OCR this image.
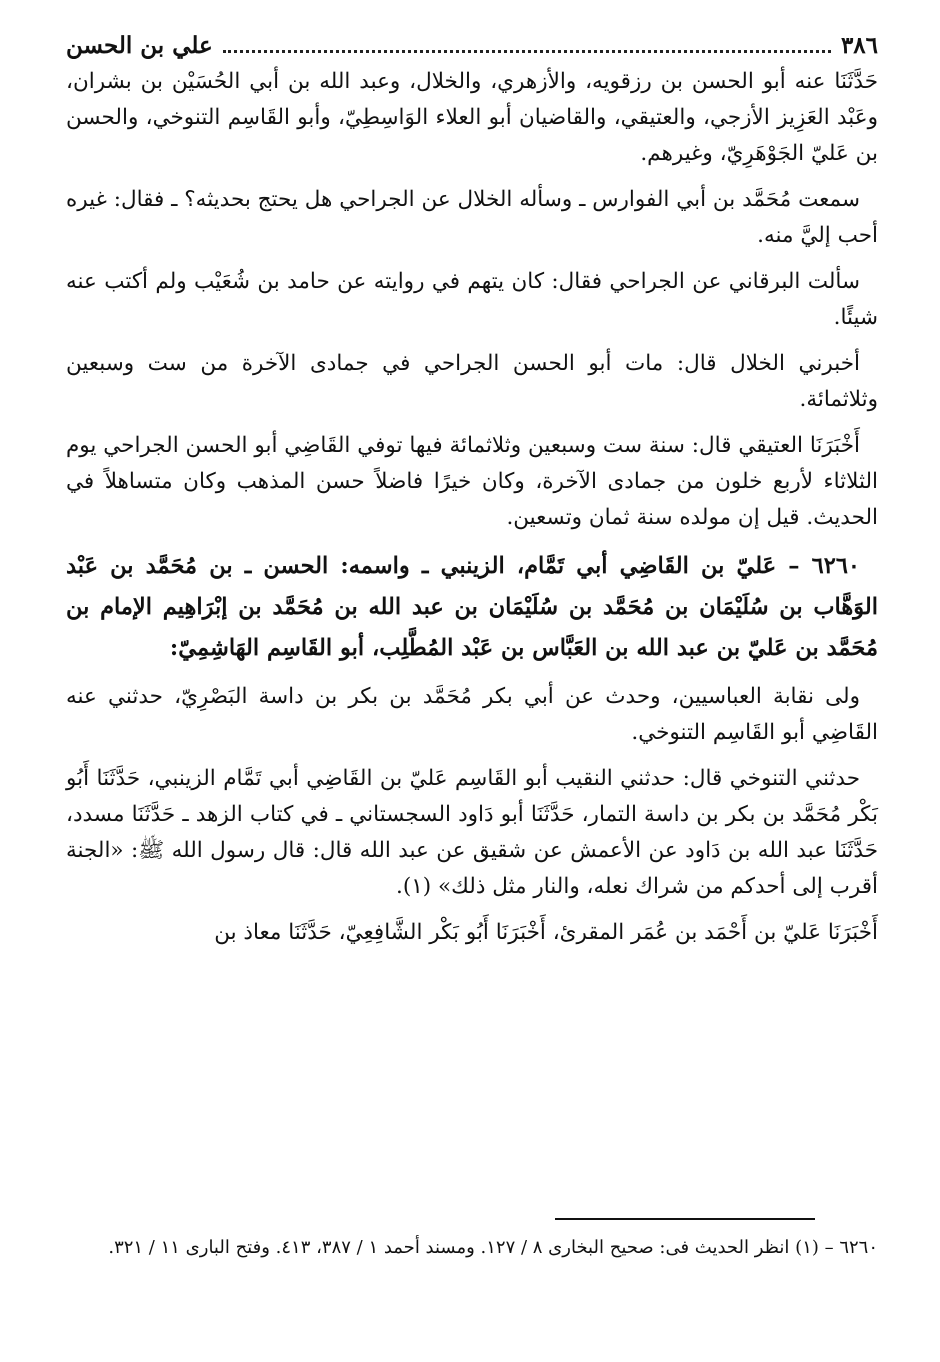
٣٨٦
علي بن الحسن

حَدَّثَنَا عنه أبو الحسن بن رزقويه، والأزهري، والخلال، وعبد الله بن أبي الحُسَيْن بن بشران، وعَبْد العَزِيز الأزجي، والعتيقي، والقاضيان أبو العلاء الوَاسِطِيّ، وأبو القَاسِم التنوخي، والحسن بن عَليّ الجَوْهَرِيّ، وغيرهم.

سمعت مُحَمَّد بن أبي الفوارس ـ وسأله الخلال عن الجراحي هل يحتج بحديثه؟ ـ فقال: غيره أحب إليَّ منه.

سألت البرقاني عن الجراحي فقال: كان يتهم في روايته عن حامد بن شُعَيْب ولم أكتب عنه شيئًا.

أخبرني الخلال قال: مات أبو الحسن الجراحي في جمادى الآخرة من ست وسبعين وثلاثمائة.

أَخْبَرَنَا العتيقي قال: سنة ست وسبعين وثلاثمائة فيها توفي القَاضِي أبو الحسن الجراحي يوم الثلاثاء لأربع خلون من جمادى الآخرة، وكان خيرًا فاضلاً حسن المذهب وكان متساهلاً في الحديث. قيل إن مولده سنة ثمان وتسعين.

٦٢٦٠ – عَليّ بن القَاضِي أبي تَمَّام، الزينبي ـ واسمه: الحسن ـ بن مُحَمَّد بن عَبْد الوَهَّاب بن سُلَيْمَان بن مُحَمَّد بن سُلَيْمَان بن عبد الله بن مُحَمَّد بن إبْرَاهِيم الإمام بن مُحَمَّد بن عَليّ بن عبد الله بن العَبَّاس بن عَبْد المُطَّلِب، أبو القَاسِم الهَاشِمِيّ:

ولى نقابة العباسيين، وحدث عن أبي بكر مُحَمَّد بن بكر بن داسة البَصْرِيّ، حدثني عنه القَاضِي أبو القَاسِم التنوخي.

حدثني التنوخي قال: حدثني النقيب أبو القَاسِم عَليّ بن القَاضِي أبي تَمَّام الزينبي، حَدَّثَنَا أَبُو بَكْر مُحَمَّد بن بكر بن داسة التمار، حَدَّثَنَا أبو دَاود السجستاني ـ في كتاب الزهد ـ حَدَّثَنَا مسدد، حَدَّثَنَا عبد الله بن دَاود عن الأعمش عن شقيق عن عبد الله قال: قال رسول الله ﷺ: «الجنة أقرب إلى أحدكم من شراك نعله، والنار مثل ذلك» (١).

أَخْبَرَنَا عَليّ بن أَحْمَد بن عُمَر المقرئ، أَخْبَرَنَا أَبُو بَكْر الشَّافِعِيّ، حَدَّثَنَا معاذ بن

٦٢٦٠ – (١) انظر الحديث فى: صحيح البخارى ٨ / ١٢٧. ومسند أحمد ١ / ٣٨٧، ٤١٣. وفتح البارى ١١ / ٣٢١.
